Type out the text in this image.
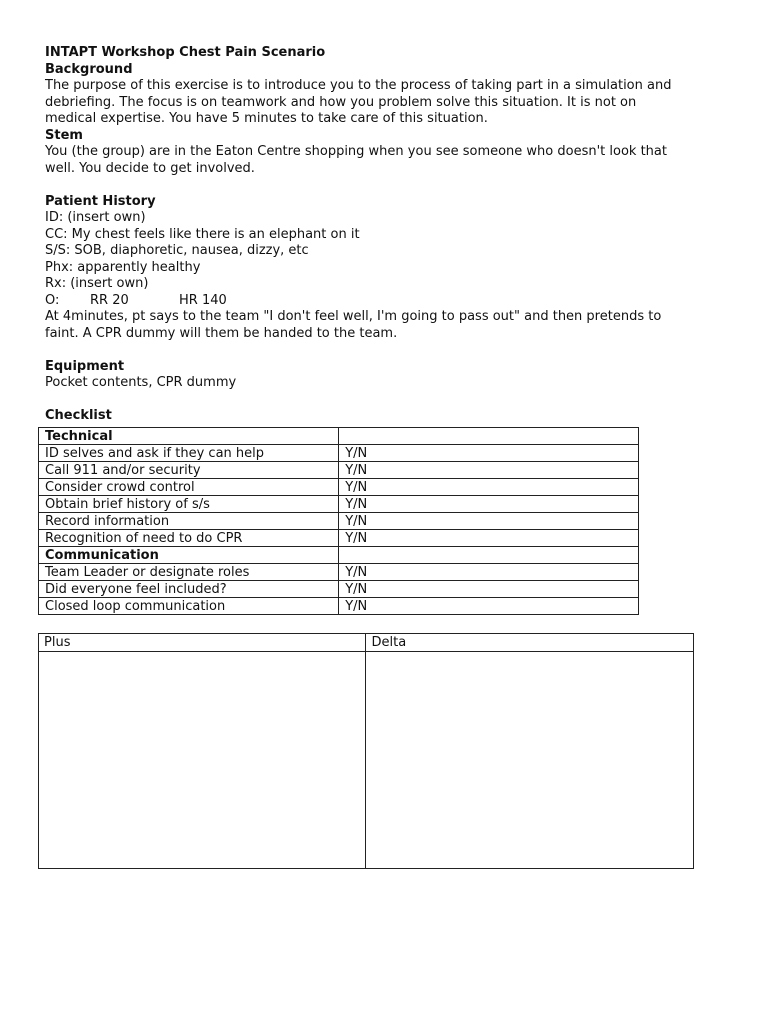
INTAPT Workshop Chest Pain Scenario

Background

The purpose of this exercise is to introduce you to the process of taking part in a simulation and

debriefing. The focus is on teamwork and how you problem solve this situation. It is not on

medical expertise. You have 5 minutes to take care of this situation.

Stem

You (the group) are in the Eaton Centre shopping when you see someone who doesn't look that

well. You decide to get involved.

Patient History

ID: (insert own)

CC: My chest feels like there is an elephant on it

S/S: SOB, diaphoretic, nausea, dizzy, etc

Phx: apparently healthy

Rx: (insert own)

O: RR 20	HR 140

At 4minutes, pt says to the team "I don't feel well, I'm going to pass out" and then pretends to

faint. A CPR dummy will them be handed to the team.

Equipment

Pocket contents, CPR dummy

Checklist

Technical	
ID selves and ask if they can help	Y/N
Call 911 and/or security	Y/N
Consider crowd control	Y/N
Obtain brief history of s/s	Y/N
Record information	Y/N
Recognition of need to do CPR	Y/N
Communication	
Team Leader or designate roles	Y/N
Did everyone feel included?	Y/N
Closed loop communication	Y/N
Plus	Delta
